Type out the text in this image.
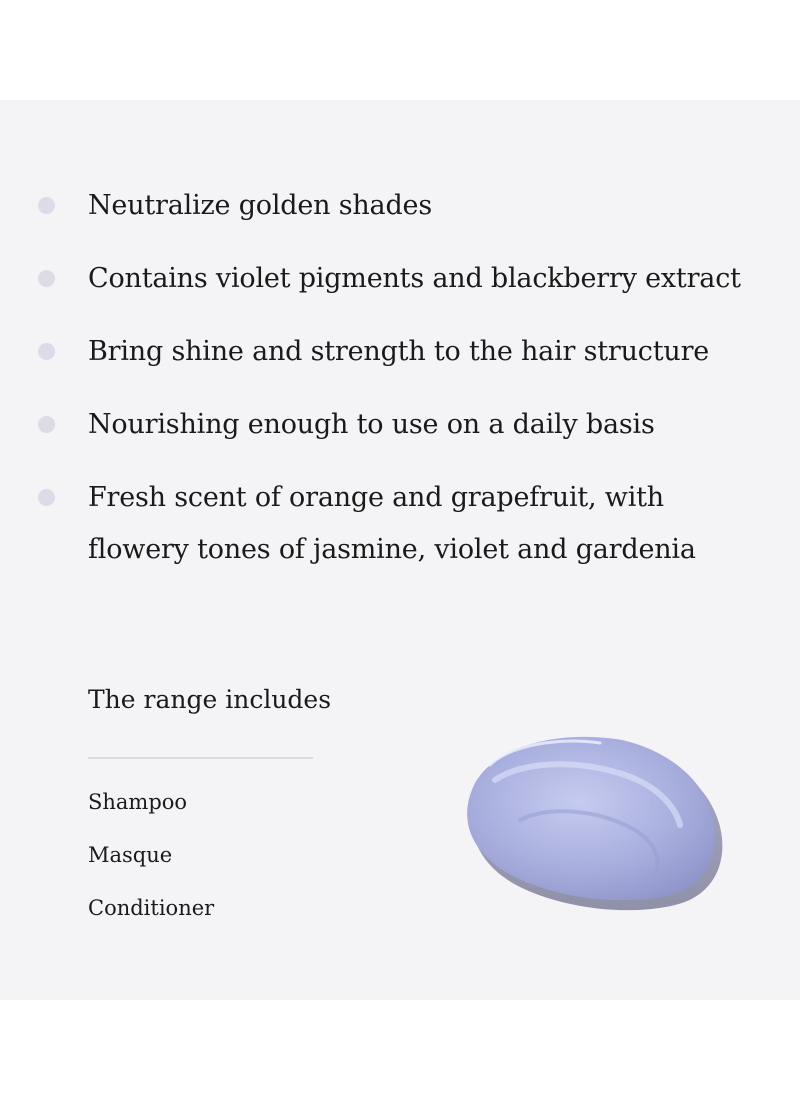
Neutralize golden shades
Contains violet pigments and blackberry extract
Bring shine and strength to the hair structure
Nourishing enough to use on a daily basis
Fresh scent of orange and grapefruit, with flowery tones of jasmine, violet and gardenia
The range includes
Shampoo
Masque
Conditioner
